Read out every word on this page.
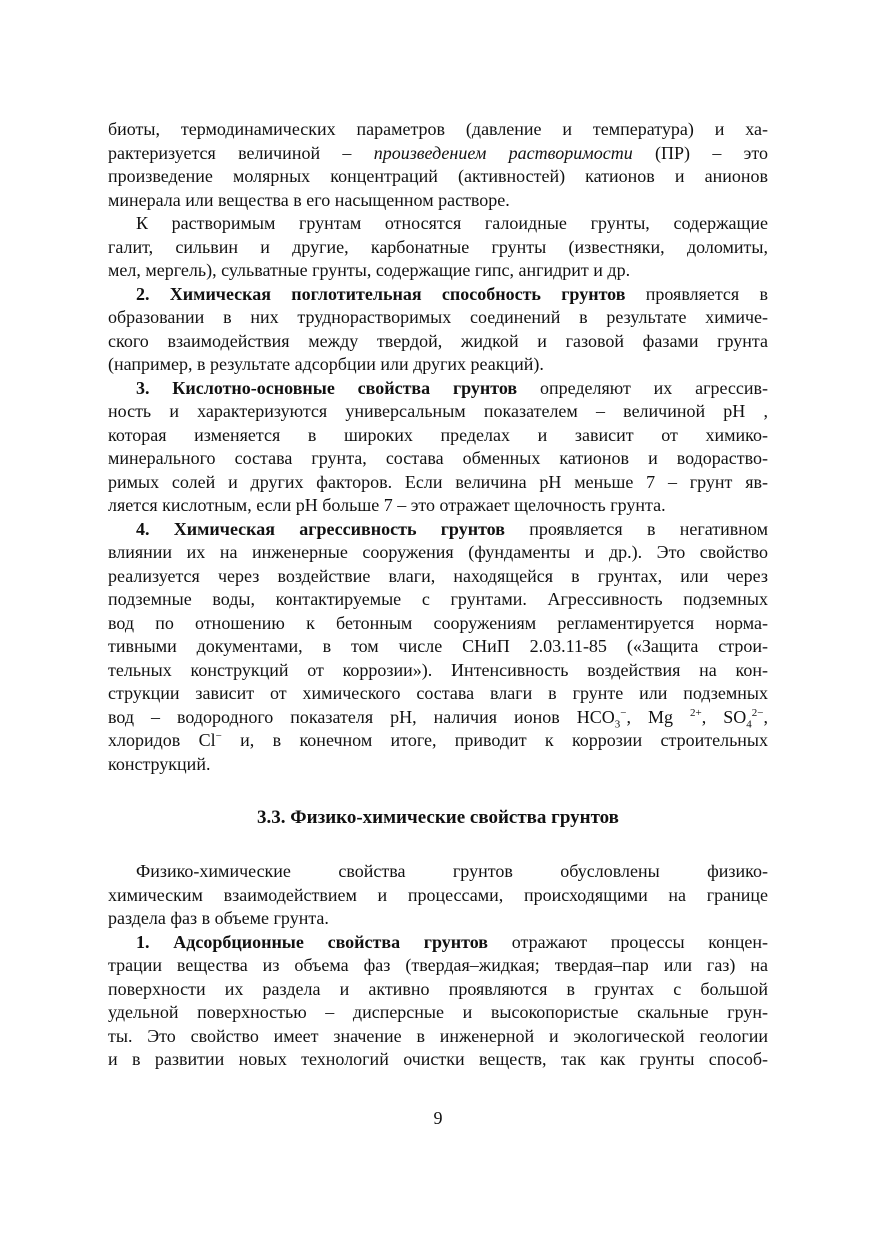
биоты, термодинамических параметров (давление и температура) и ха-
рактеризуется величиной – произведением растворимости (ПР) – это
произведение молярных концентраций (активностей) катионов и анионов
минерала или вещества в его насыщенном растворе.
К растворимым грунтам относятся галоидные грунты, содержащие
галит, сильвин и другие, карбонатные грунты (известняки, доломиты,
мел, мергель), сульватные грунты, содержащие гипс, ангидрит и др.
2. Химическая поглотительная способность грунтов проявляется в
образовании в них труднорастворимых соединений в результате химиче-
ского взаимодействия между твердой, жидкой и газовой фазами грунта
(например, в результате адсорбции или других реакций).
3. Кислотно-основные свойства грунтов определяют их агрессив-
ность и характеризуются универсальным показателем – величиной pH ,
которая изменяется в широких пределах и зависит от химико-
минерального состава грунта, состава обменных катионов и водораство-
римых солей и других факторов. Если величина pH меньше 7 – грунт яв-
ляется кислотным, если pH больше 7 – это отражает щелочность грунта.
4. Химическая агрессивность грунтов проявляется в негативном
влиянии их на инженерные сооружения (фундаменты и др.). Это свойство
реализуется через воздействие влаги, находящейся в грунтах, или через
подземные воды, контактируемые с грунтами. Агрессивность подземных
вод по отношению к бетонным сооружениям регламентируется норма-
тивными документами, в том числе СНиП 2.03.11-85 («Защита строи-
тельных конструкций от коррозии»). Интенсивность воздействия на кон-
струкции зависит от химического состава влаги в грунте или подземных
вод – водородного показателя pH, наличия ионов $HCO_3^-$, Mg $^{2+}$, $SO_4^{2-}$,
хлоридов Cl− и, в конечном итоге, приводит к коррозии строительных
конструкций.
3.3. Физико-химические свойства грунтов
Физико-химические свойства грунтов обусловлены физико-
химическим взаимодействием и процессами, происходящими на границе
раздела фаз в объеме грунта.
1. Адсорбционные свойства грунтов отражают процессы концен-
трации вещества из объема фаз (твердая–жидкая; твердая–пар или газ) на
поверхности их раздела и активно проявляются в грунтах с большой
удельной поверхностью – дисперсные и высокопористые скальные грун-
ты. Это свойство имеет значение в инженерной и экологической геологии
и в развитии новых технологий очистки веществ, так как грунты способ-
9
